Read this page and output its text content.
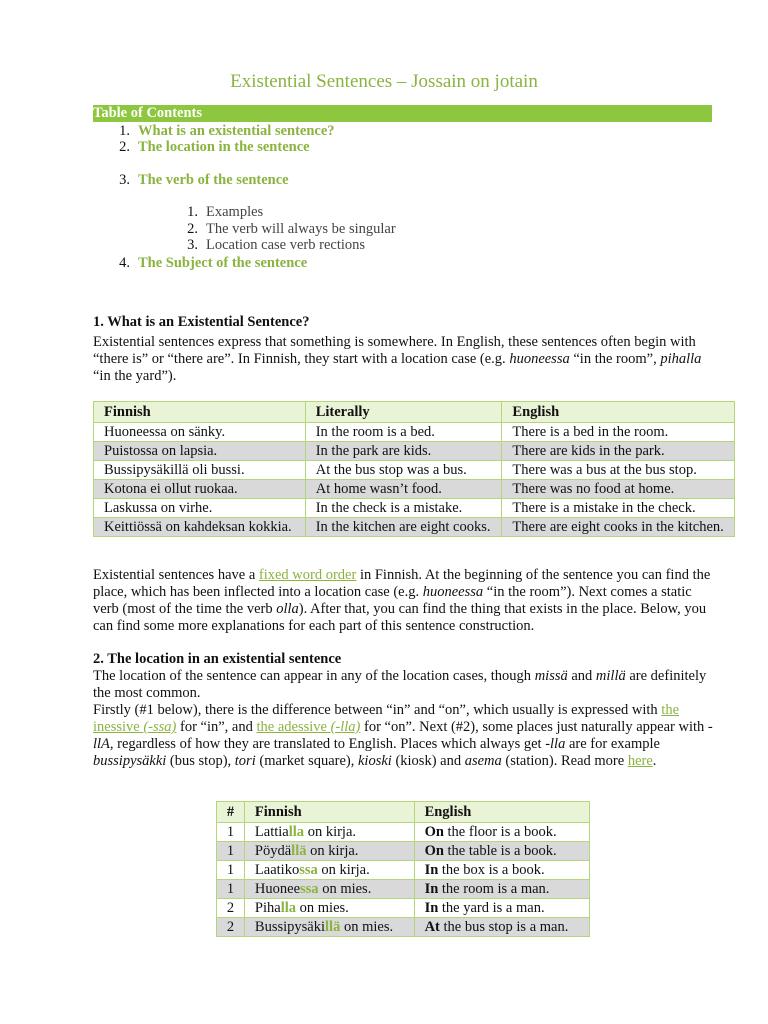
Existential Sentences – Jossain on jotain
Table of Contents
1. What is an existential sentence?
2. The location in the sentence
3. The verb of the sentence
1. Examples
2. The verb will always be singular
3. Location case verb rections
4. The Subject of the sentence
1. What is an Existential Sentence?
Existential sentences express that something is somewhere. In English, these sentences often begin with “there is” or “there are”. In Finnish, they start with a location case (e.g. huoneessa “in the room”, pihalla “in the yard”).
Finnish	Literally	English
Huoneessa on sänky.	In the room is a bed.	There is a bed in the room.
Puistossa on lapsia.	In the park are kids.	There are kids in the park.
Bussipysäkillä oli bussi.	At the bus stop was a bus.	There was a bus at the bus stop.
Kotona ei ollut ruokaa.	At home wasn’t food.	There was no food at home.
Laskussa on virhe.	In the check is a mistake.	There is a mistake in the check.
Keittiössä on kahdeksan kokkia.	In the kitchen are eight cooks.	There are eight cooks in the kitchen.
Existential sentences have a fixed word order in Finnish. At the beginning of the sentence you can find the place, which has been inflected into a location case (e.g. huoneessa “in the room”). Next comes a static verb (most of the time the verb olla). After that, you can find the thing that exists in the place. Below, you can find some more explanations for each part of this sentence construction.
2. The location in an existential sentence
The location of the sentence can appear in any of the location cases, though missä and millä are definitely the most common.
Firstly (#1 below), there is the difference between “in” and “on”, which usually is expressed with the inessive (-ssa) for “in”, and the adessive (-lla) for “on”. Next (#2), some places just naturally appear with -llA, regardless of how they are translated to English. Places which always get -lla are for example bussipysäkki (bus stop), tori (market square), kioski (kiosk) and asema (station). Read more here.
#	Finnish	English
1	Lattialla on kirja.	On the floor is a book.
1	Pöydällä on kirja.	On the table is a book.
1	Laatikossa on kirja.	In the box is a book.
1	Huoneessa on mies.	In the room is a man.
2	Pihalla on mies.	In the yard is a man.
2	Bussipysäkillä on mies.	At the bus stop is a man.
